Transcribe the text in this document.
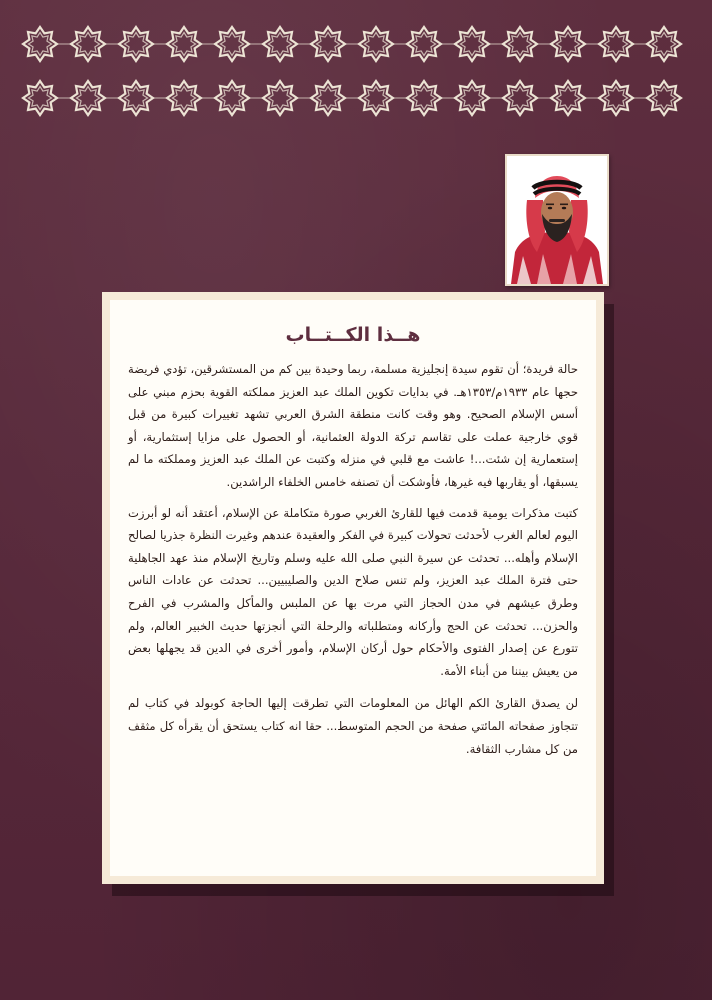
هــذا الكــتــاب

حالة فريدة؛ أن تقوم سيدة إنجليزية مسلمة، ربما وحيدة بين كم من المستشرقين، تؤدي فريضة حجها عام ١٩٣٣م/١٣٥٣هـ. في بدايات تكوين الملك عبد العزيز مملكته القوية بحزم مبني على أسس الإسلام الصحيح. وهو وقت كانت منطقة الشرق العربي تشهد تغييرات كبيرة من قبل قوي خارجية عملت على تقاسم تركة الدولة العثمانية، أو الحصول على مزايا إستثمارية، أو إستعمارية إن شئت...! عاشت مع قلبي في منزله وكتبت عن الملك عبد العزيز ومملكته ما لم يسبقها، أو يقاربها فيه غيرها، فأوشكت أن تصنفه خامس الخلفاء الراشدين.

كتبت مذكرات يومية قدمت فيها للقارئ الغربي صورة متكاملة عن الإسلام، أعتقد أنه لو أبرزت اليوم لعالم الغرب لأحدثت تحولات كبيرة في الفكر والعقيدة عندهم وغيرت النظرة جذريا لصالح الإسلام وأهله... تحدثت عن سيرة النبي صلى الله عليه وسلم وتاريخ الإسلام منذ عهد الجاهلية حتى فترة الملك عبد العزيز، ولم تنس صلاح الدين والصليبيين... تحدثت عن عادات الناس وطرق عيشهم في مدن الحجاز التي مرت بها عن الملبس والمأكل والمشرب في الفرح والحزن... تحدثت عن الحج وأركانه ومتطلباته والرحلة التي أنجزتها حديث الخبير العالم، ولم تتورع عن إصدار الفتوى والأحكام حول أركان الإسلام، وأمور أخرى في الدين قد يجهلها بعض من يعيش بيننا من أبناء الأمة.

لن يصدق القارئ الكم الهائل من المعلومات التي تطرقت إليها الحاجة كوبولد في كتاب لم تتجاوز صفحاته المائتي صفحة من الحجم المتوسط... حقا انه كتاب يستحق أن يقرأه كل مثقف من كل مشارب الثقافة.
